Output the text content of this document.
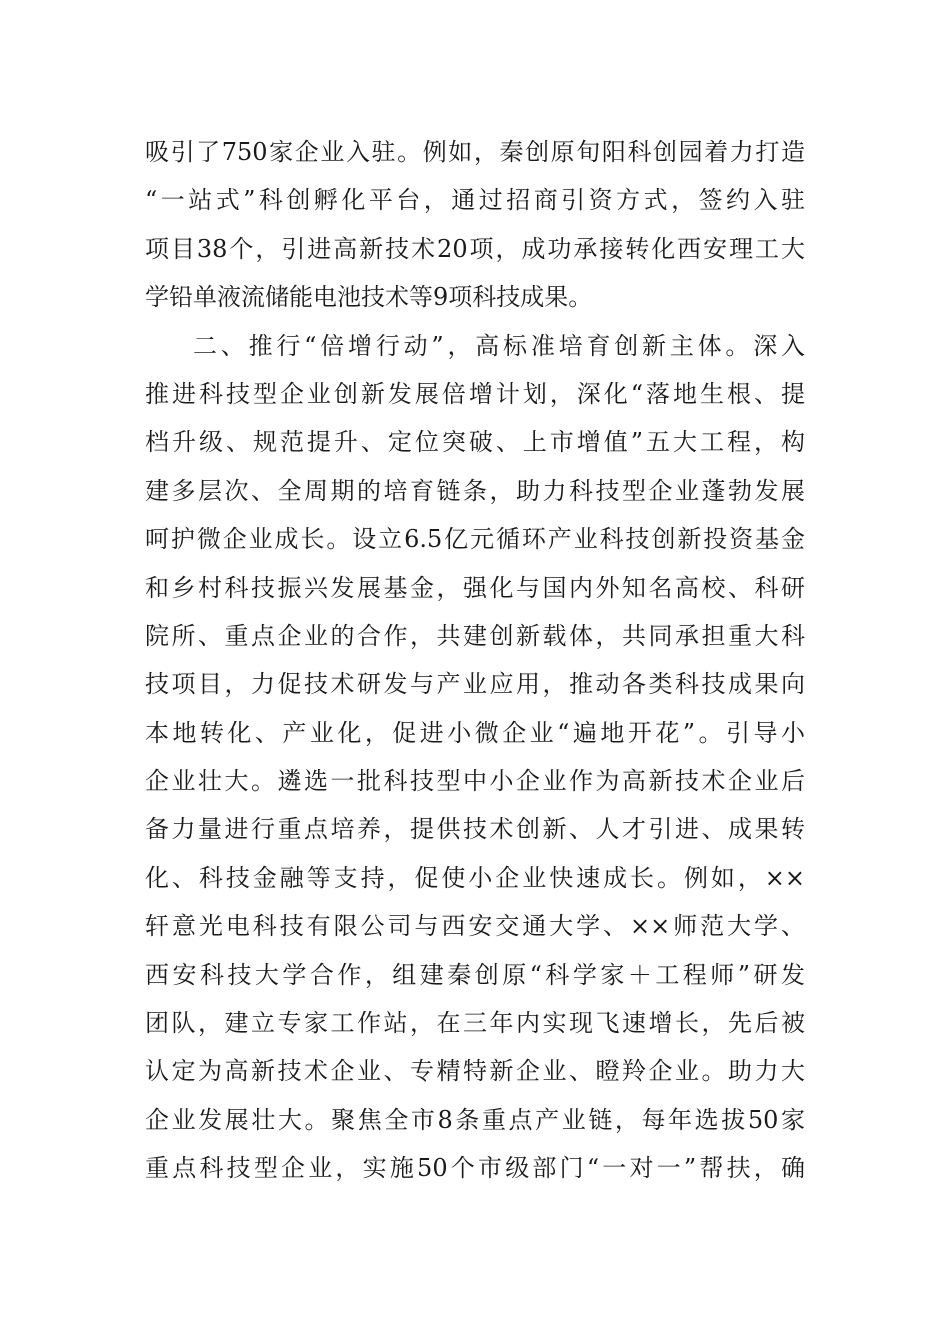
吸引了750家企业入驻。例如，秦创原旬阳科创园着力打造
“一站式”科创孵化平台，通过招商引资方式，签约入驻
项目38个，引进高新技术20项，成功承接转化西安理工大
学铅单液流储能电池技术等9项科技成果。
二、推行“倍增行动”，高标准培育创新主体。深入
推进科技型企业创新发展倍增计划，深化“落地生根、提
档升级、规范提升、定位突破、上市增值”五大工程，构
建多层次、全周期的培育链条，助力科技型企业蓬勃发展
呵护微企业成长。设立6.5亿元循环产业科技创新投资基金
和乡村科技振兴发展基金，强化与国内外知名高校、科研
院所、重点企业的合作，共建创新载体，共同承担重大科
技项目，力促技术研发与产业应用，推动各类科技成果向
本地转化、产业化，促进小微企业“遍地开花”。引导小
企业壮大。遴选一批科技型中小企业作为高新技术企业后
备力量进行重点培养，提供技术创新、人才引进、成果转
化、科技金融等支持，促使小企业快速成长。例如，××
轩意光电科技有限公司与西安交通大学、××师范大学、
西安科技大学合作，组建秦创原“科学家＋工程师”研发
团队，建立专家工作站，在三年内实现飞速增长，先后被
认定为高新技术企业、专精特新企业、瞪羚企业。助力大
企业发展壮大。聚焦全市8条重点产业链，每年选拔50家
重点科技型企业，实施50个市级部门“一对一”帮扶，确
